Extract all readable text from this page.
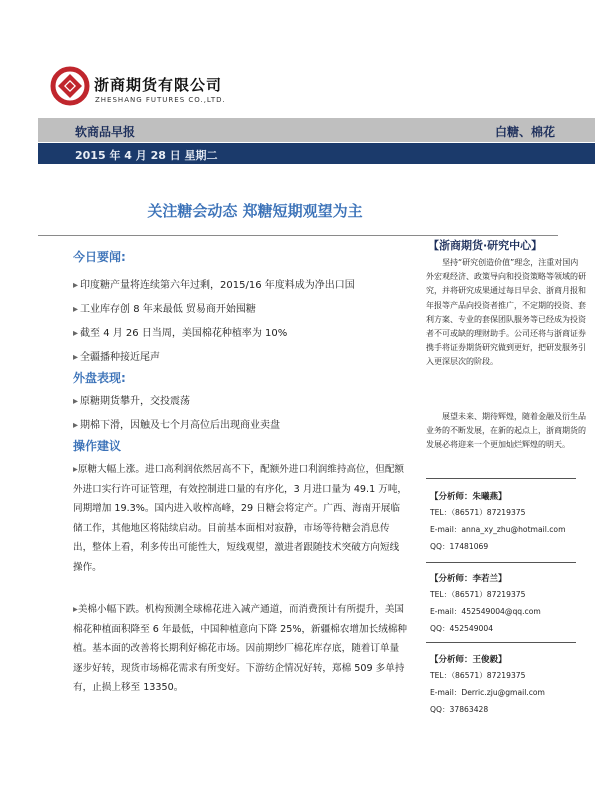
浙商期货有限公司
ZHESHANG FUTURES CO.,LTD.
软商品早报	白糖、棉花
2015 年 4 月 28 日 星期二
关注糖会动态 郑糖短期观望为主
今日要闻:
▸ 印度糖产量将连续第六年过剩，2015/16 年度料成为净出口国
▸ 工业库存创 8 年来最低 贸易商开始囤糖
▸ 截至 4 月 26 日当周，美国棉花种植率为 10%
▸ 全疆播种接近尾声
外盘表现:
▸ 原糖期货攀升，交投震荡
▸ 期棉下滑，因触及七个月高位后出现商业卖盘
操作建议
▸原糖大幅上涨。进口高利润依然居高不下，配额外进口利润维持高位，但配额外进口实行许可证管理，有效控制进口量的有序化，3 月进口量为 49.1 万吨，同期增加 19.3%。国内进入收榨高峰，29 日糖会将定产。广西、海南开展临储工作，其他地区将陆续启动。目前基本面相对寂静，市场等待糖会消息传出，整体上看，利多传出可能性大，短线观望，激进者跟随技术突破方向短线操作。
▸美棉小幅下跌。机构预测全球棉花进入减产通道，而消费预计有所提升，美国棉花种植面积降至 6 年最低，中国种植意向下降 25%，新疆棉农增加长绒棉种植。基本面的改善将长期利好棉花市场。因前期纱厂棉花库存底，随着订单量逐步好转，现货市场棉花需求有所变好。下游纺企情况好转，郑棉 509 多单持有，止损上移至 13350。
【浙商期货·研究中心】
坚持“研究创造价值”理念，注重对国内外宏观经济、政策导向和投资策略等领域的研究，并将研究成果通过每日早会、浙商月报和年报等产品向投资者推广，不定期的投资、套利方案、专业的套保团队服务等已经成为投资者不可或缺的理财助手。公司还将与浙商证券携手将证券期货研究做到更好，把研发服务引入更深层次的阶段。
展望未来、期待辉煌，随着金融及衍生品业务的不断发展，在新的起点上，浙商期货的发展必将迎来一个更加灿烂辉煌的明天。
【分析师：朱曦燕】
TEL：（86571）87219375
E-mail：anna_xy_zhu@hotmail.com
QQ：17481069
【分析师：李若兰】
TEL：（86571）87219375
E-mail：452549004@qq.com
QQ：452549004
【分析师：王俊毅】
TEL：（86571）87219375
E-mail：Derric.zju@gmail.com
QQ：37863428
